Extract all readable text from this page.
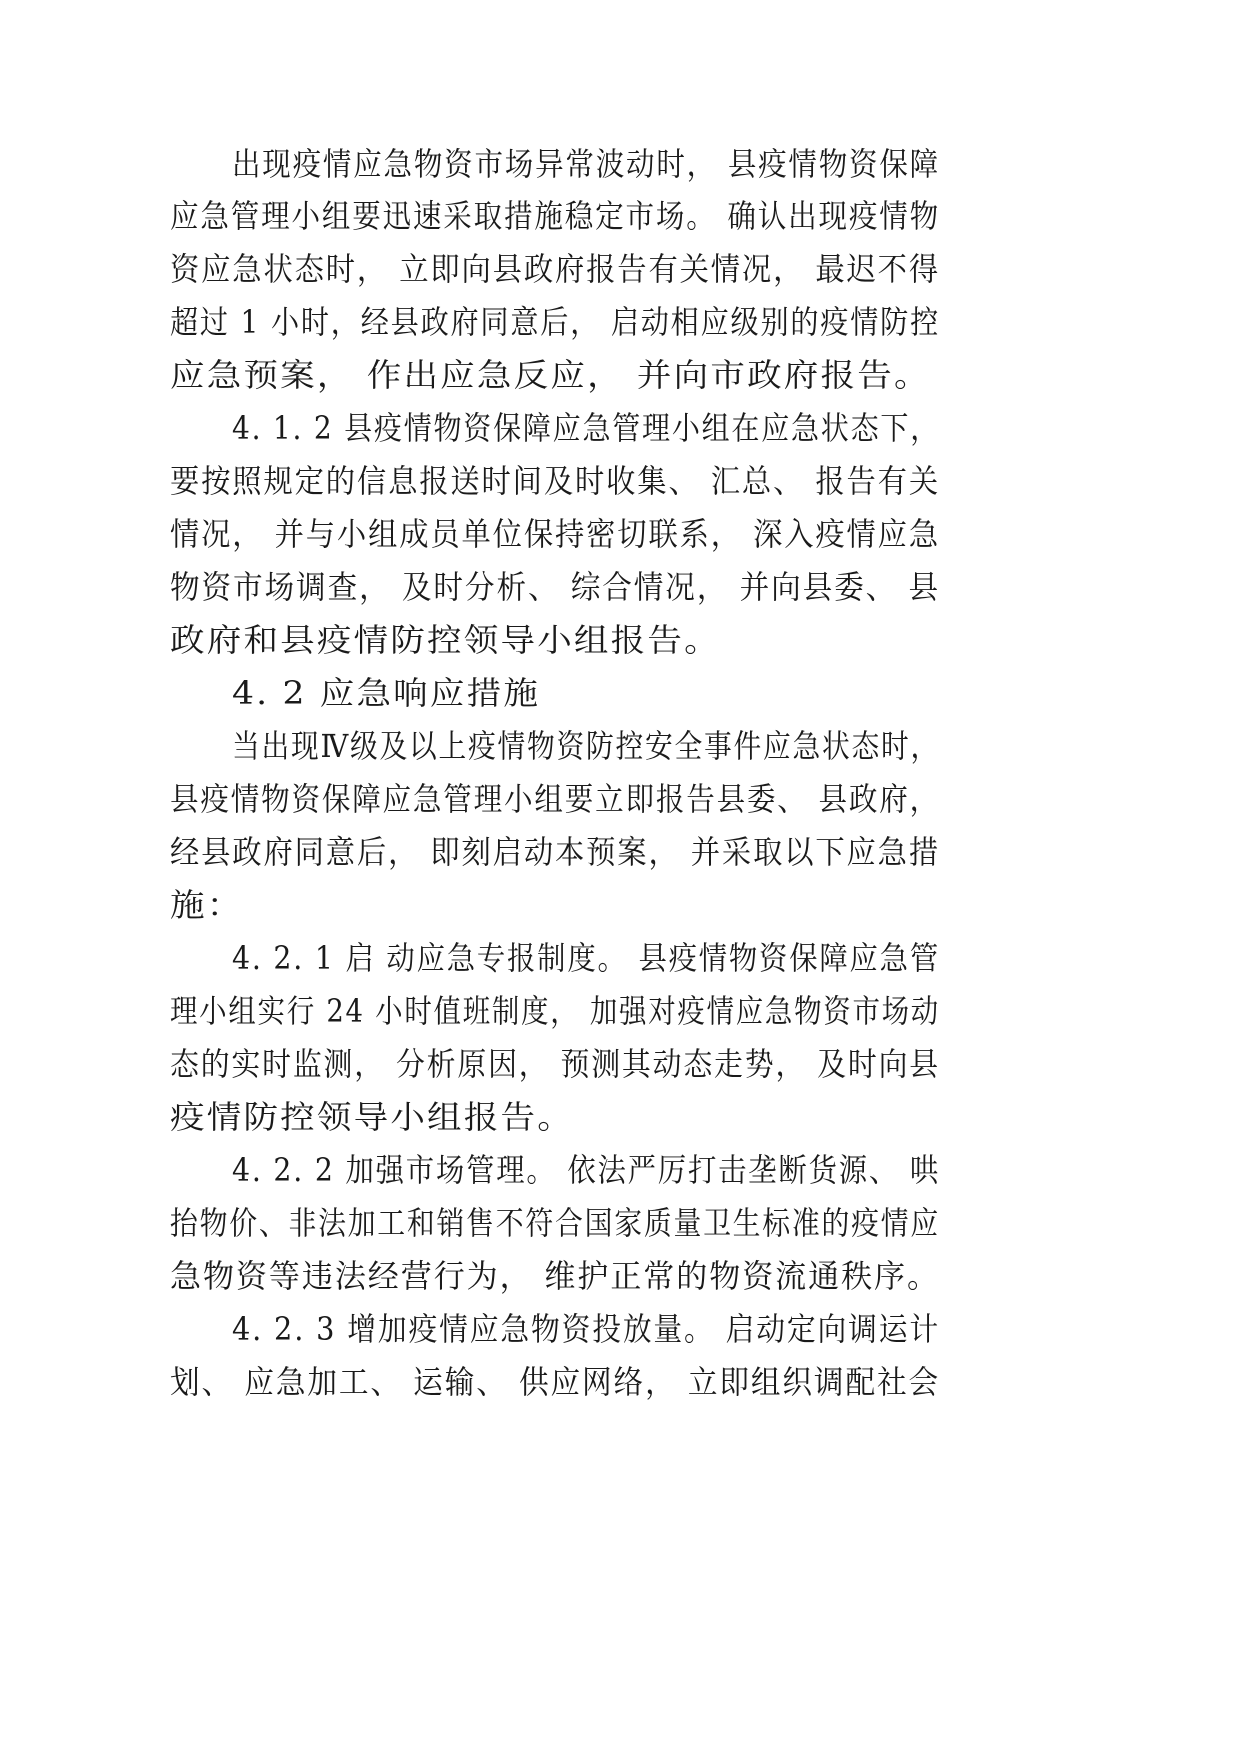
出现疫情应急物资市场异常波动时， 县疫情物资保障
应急管理小组要迅速采取措施稳定市场。 确认出现疫情物
资应急状态时， 立即向县政府报告有关情况， 最迟不得
超过 1 小时，经县政府同意后， 启动相应级别的疫情防控
应急预案， 作出应急反应， 并向市政府报告。
4. 1. 2 县疫情物资保障应急管理小组在应急状态下，
要按照规定的信息报送时间及时收集、 汇总、 报告有关
情况， 并与小组成员单位保持密切联系， 深入疫情应急
物资市场调查， 及时分析、 综合情况， 并向县委、 县
政府和县疫情防控领导小组报告。
4. 2 应急响应措施
当出现Ⅳ级及以上疫情物资防控安全事件应急状态时，
县疫情物资保障应急管理小组要立即报告县委、 县政府，
经县政府同意后， 即刻启动本预案， 并采取以下应急措
施：
4. 2. 1 启 动应急专报制度。 县疫情物资保障应急管
理小组实行 24 小时值班制度， 加强对疫情应急物资市场动
态的实时监测， 分析原因， 预测其动态走势， 及时向县
疫情防控领导小组报告。
4. 2. 2 加强市场管理。 依法严厉打击垄断货源、 哄
抬物价、非法加工和销售不符合国家质量卫生标准的疫情应
急物资等违法经营行为， 维护正常的物资流通秩序。
4. 2. 3 增加疫情应急物资投放量。 启动定向调运计
划、 应急加工、 运输、 供应网络， 立即组织调配社会
